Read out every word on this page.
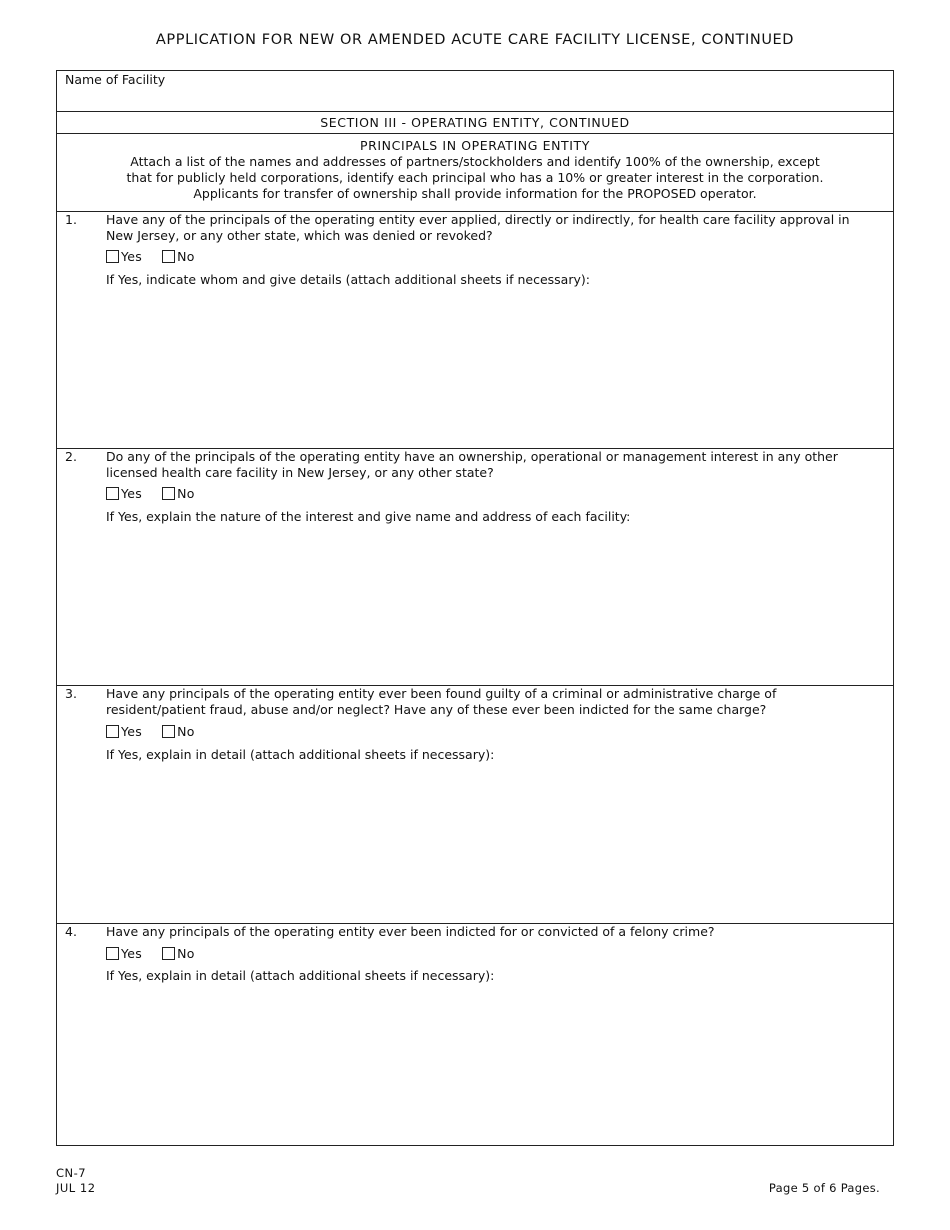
APPLICATION FOR NEW OR AMENDED ACUTE CARE FACILITY LICENSE, CONTINUED
Name of Facility
SECTION III - OPERATING ENTITY, CONTINUED
PRINCIPALS IN OPERATING ENTITY
Attach a list of the names and addresses of partners/stockholders and identify 100% of the ownership, except
that for publicly held corporations, identify each principal who has a 10% or greater interest in the corporation.
Applicants for transfer of ownership shall provide information for the PROPOSED operator.
1. Have any of the principals of the operating entity ever applied, directly or indirectly, for health care facility approval in New Jersey, or any other state, which was denied or revoked?
Yes	No
If Yes, indicate whom and give details (attach additional sheets if necessary):
2. Do any of the principals of the operating entity have an ownership, operational or management interest in any other licensed health care facility in New Jersey, or any other state?
Yes	No
If Yes, explain the nature of the interest and give name and address of each facility:
3. Have any principals of the operating entity ever been found guilty of a criminal or administrative charge of resident/patient fraud, abuse and/or neglect? Have any of these ever been indicted for the same charge?
Yes	No
If Yes, explain in detail (attach additional sheets if necessary):
4. Have any principals of the operating entity ever been indicted for or convicted of a felony crime?
Yes	No
If Yes, explain in detail (attach additional sheets if necessary):
CN-7
JUL 12	Page 5 of 6 Pages.
